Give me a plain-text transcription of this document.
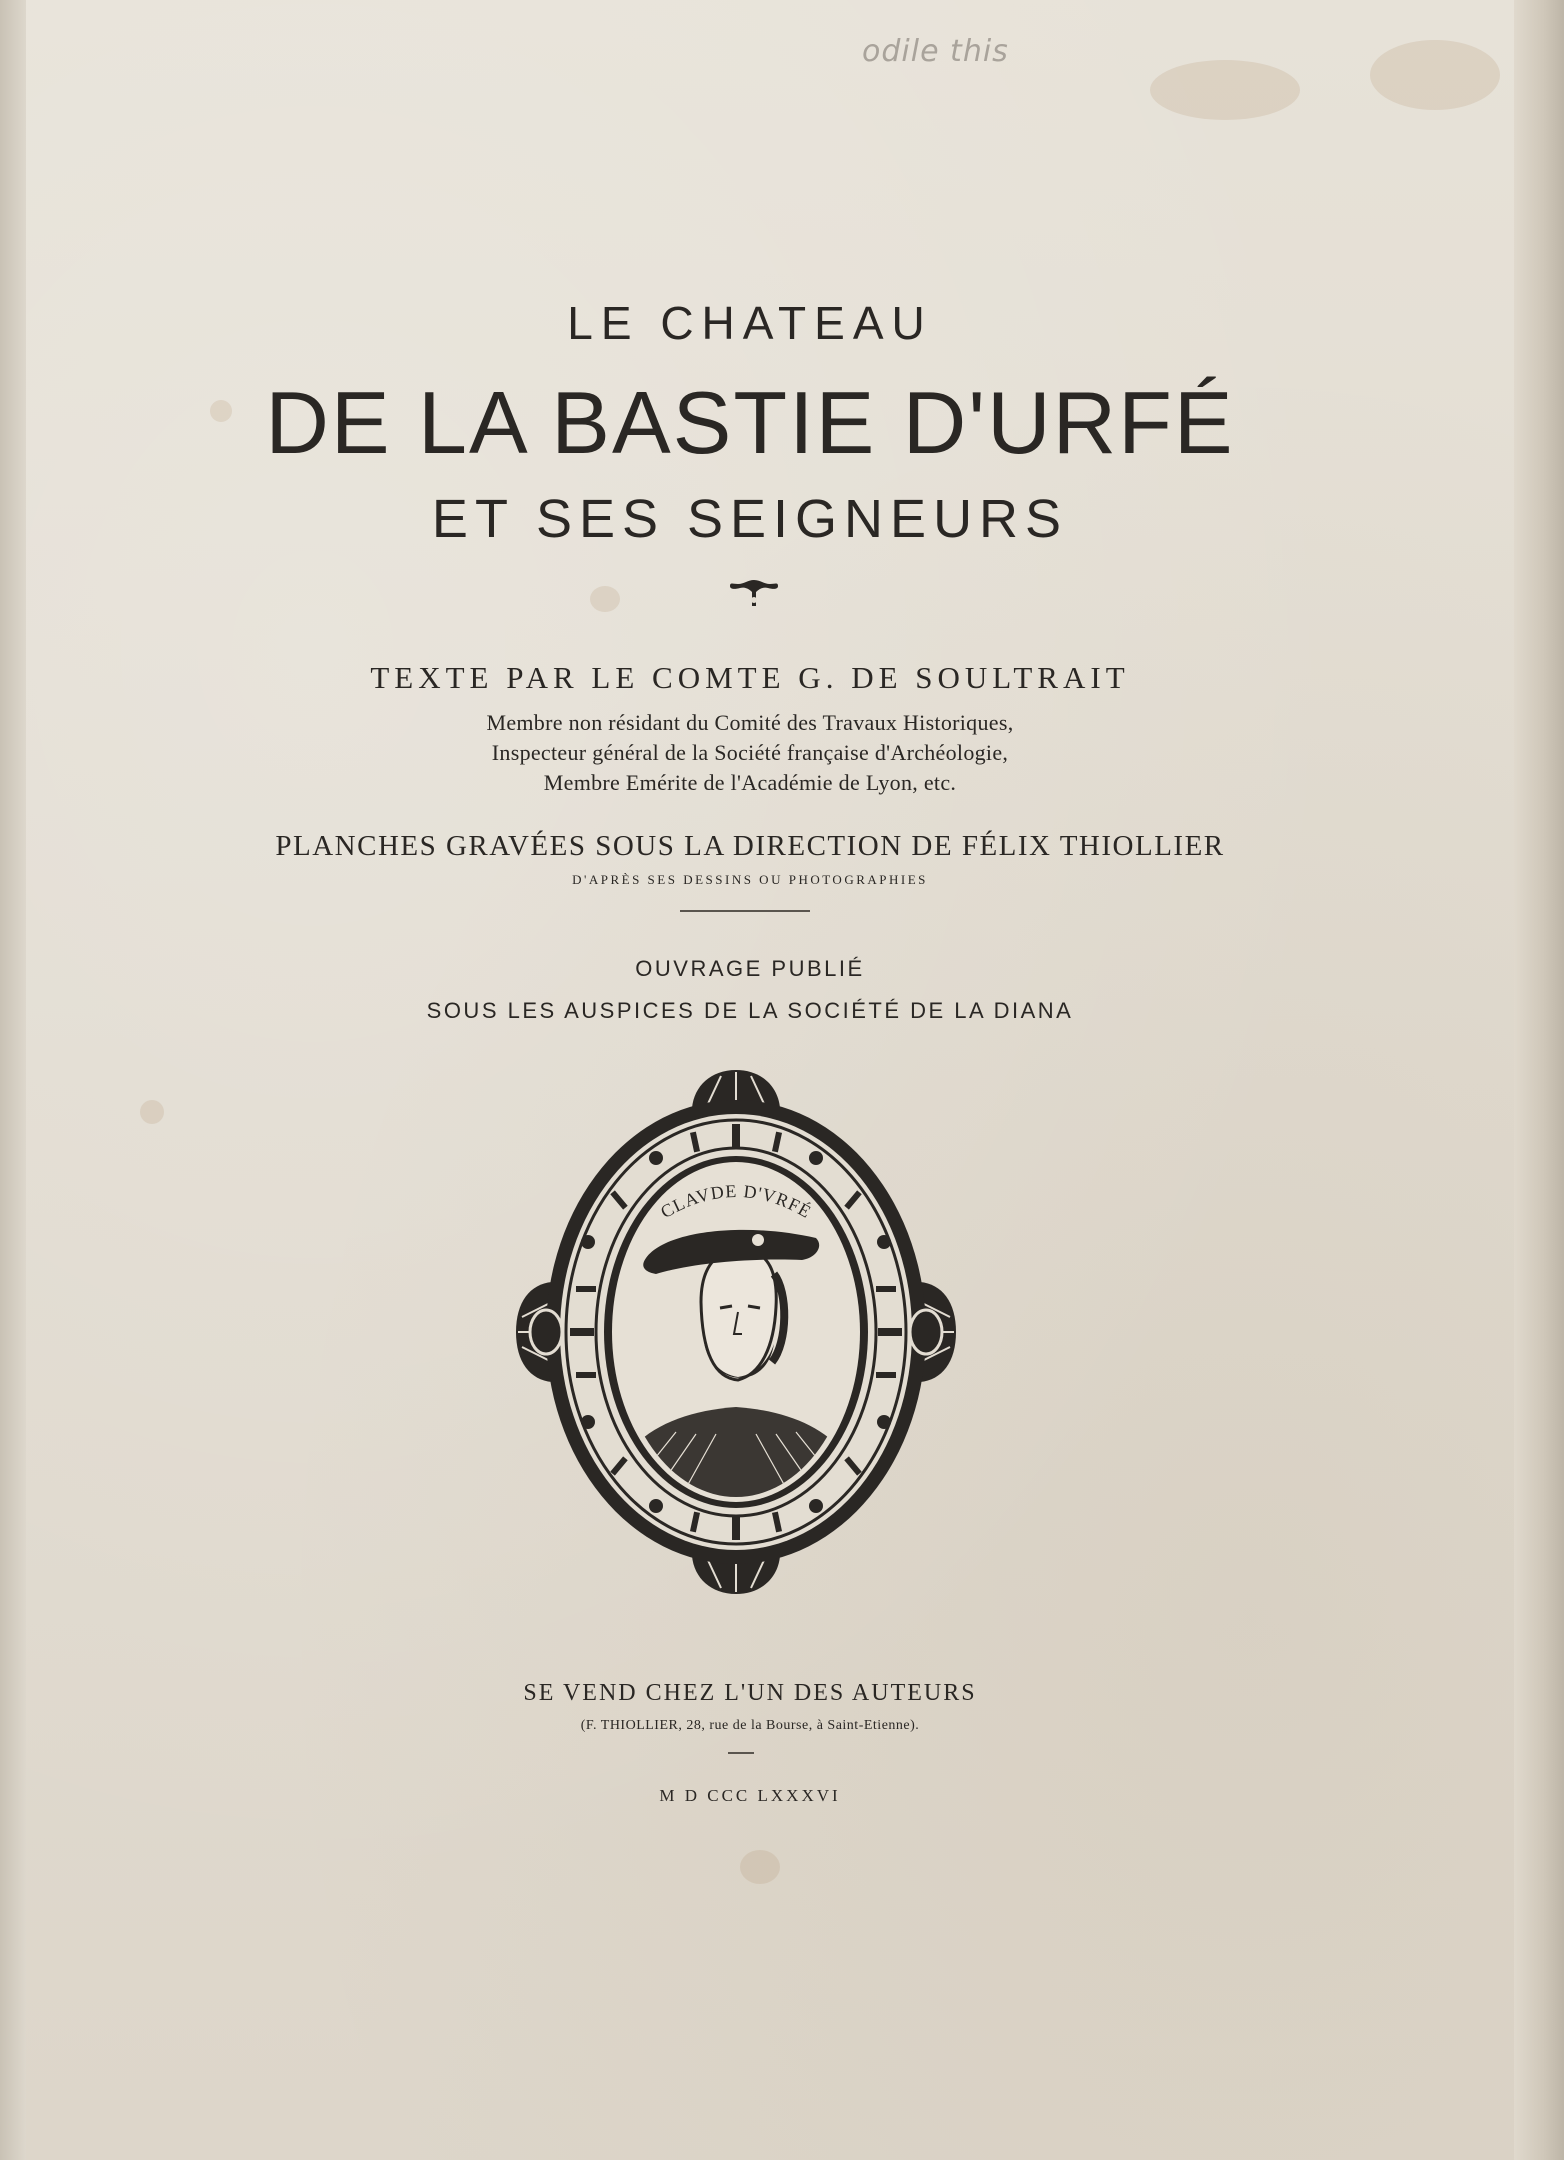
odile this
LE CHATEAU
DE LA BASTIE D'URFÉ
ET SES SEIGNEURS
TEXTE PAR LE COMTE G. DE SOULTRAIT
Membre non résidant du Comité des Travaux Historiques,
Inspecteur général de la Société française d'Archéologie,
Membre Emérite de l'Académie de Lyon, etc.
PLANCHES GRAVÉES SOUS LA DIRECTION DE FÉLIX THIOLLIER
D'APRÈS SES DESSINS OU PHOTOGRAPHIES
OUVRAGE PUBLIÉ
SOUS LES AUSPICES DE LA SOCIÉTÉ DE LA DIANA
CLAVDE D'VRFÉ
SE VEND CHEZ L'UN DES AUTEURS
(F. THIOLLIER, 28, rue de la Bourse, à Saint-Etienne).
M D CCC LXXXVI
